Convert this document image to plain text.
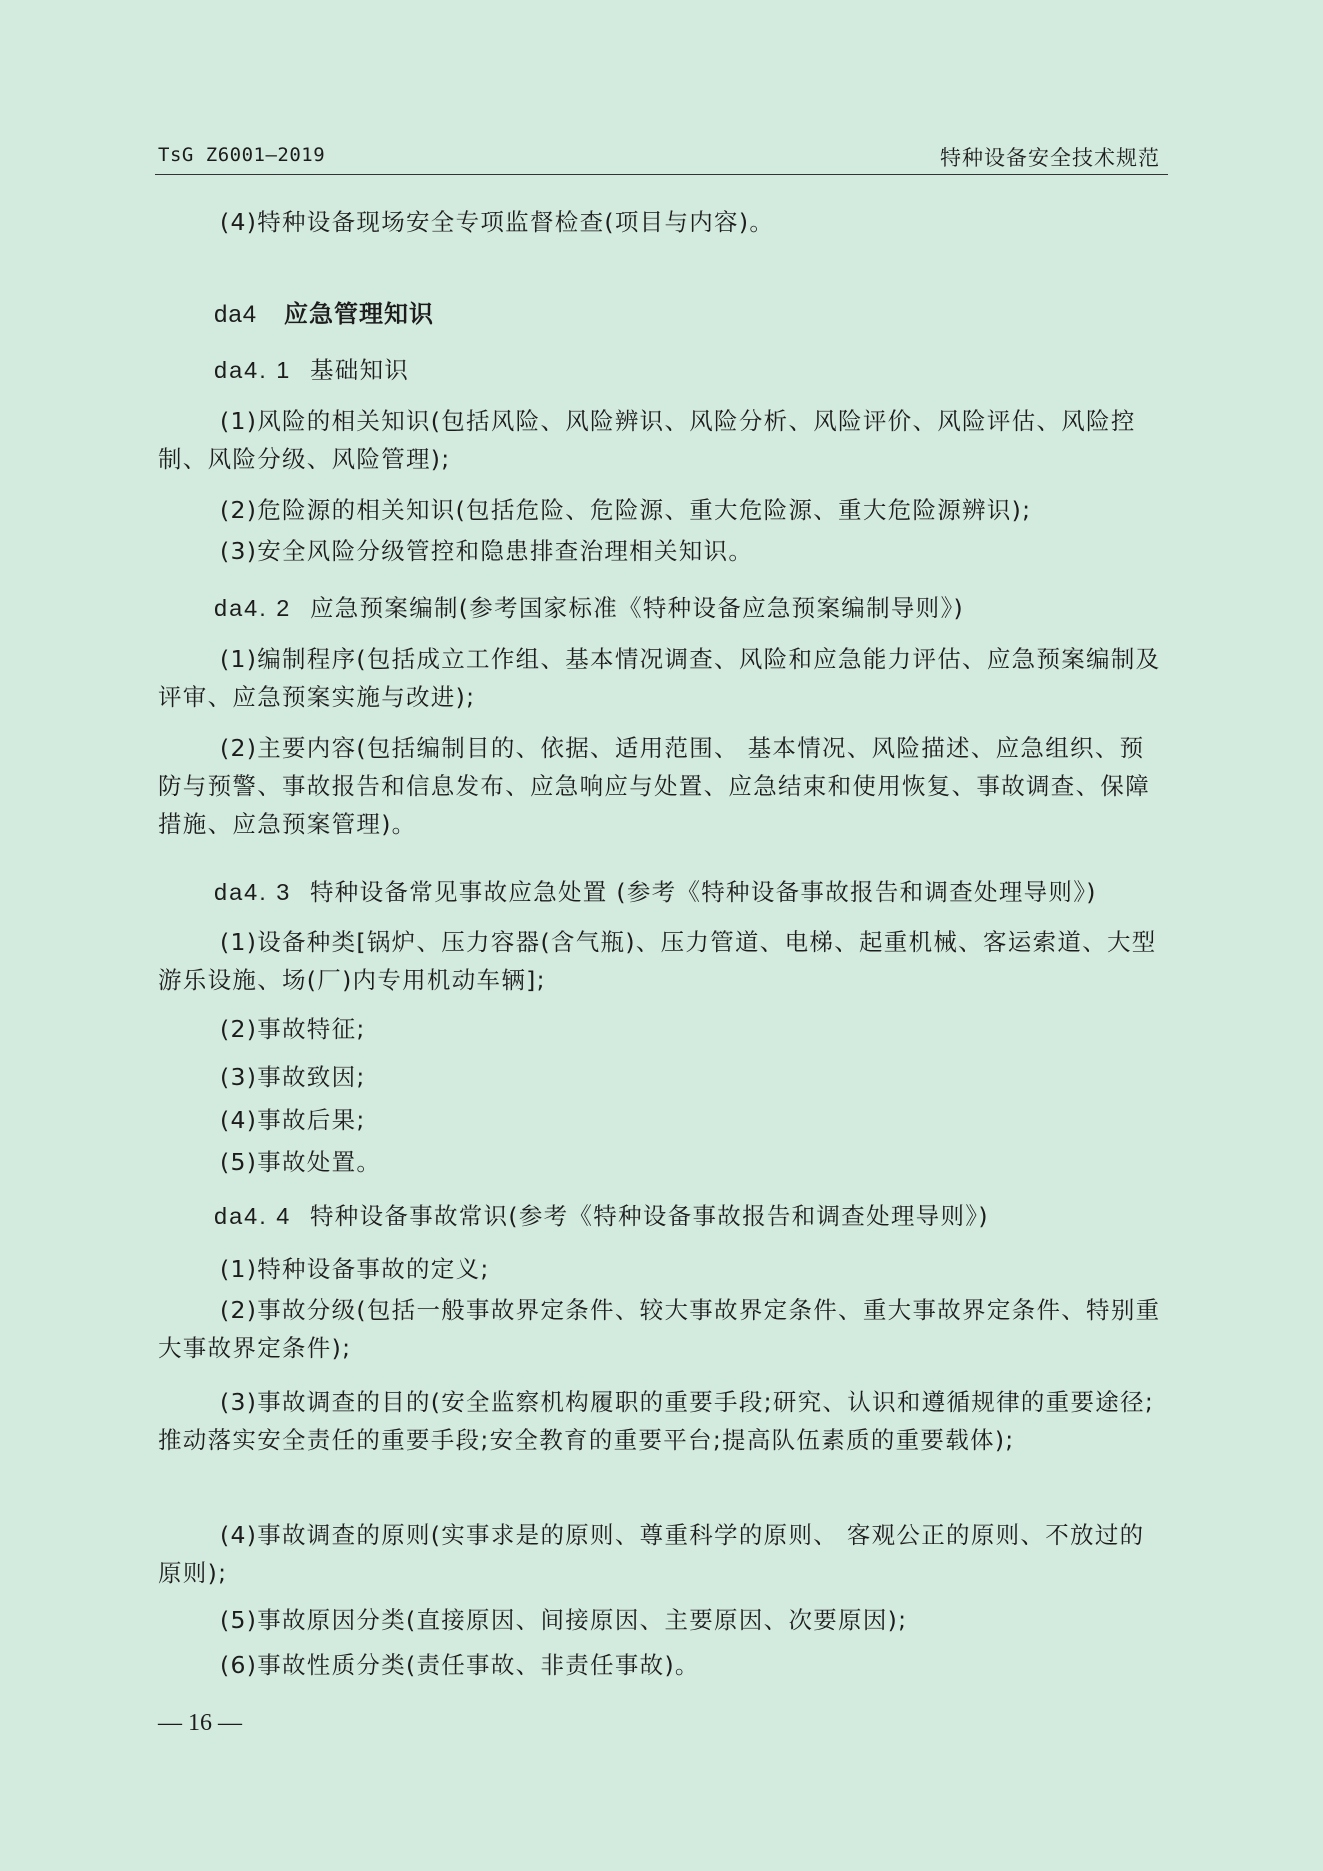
TsG Z6001—2019	特种设备安全技术规范
(4)特种设备现场安全专项监督检查(项目与内容)。
da4 应急管理知识
da4. 1 基础知识
(1)风险的相关知识(包括风险、风险辨识、风险分析、风险评价、风险评估、风险控制、风险分级、风险管理);
(2)危险源的相关知识(包括危险、危险源、重大危险源、重大危险源辨识);
(3)安全风险分级管控和隐患排查治理相关知识。
da4. 2 应急预案编制(参考国家标准《特种设备应急预案编制导则》)
(1)编制程序(包括成立工作组、基本情况调查、风险和应急能力评估、应急预案编制及评审、应急预案实施与改进);
(2)主要内容(包括编制目的、依据、适用范围、 基本情况、风险描述、应急组织、预防与预警、事故报告和信息发布、应急响应与处置、应急结束和使用恢复、事故调查、保障措施、应急预案管理)。
da4. 3 特种设备常见事故应急处置 (参考《特种设备事故报告和调查处理导则》)
(1)设备种类[锅炉、压力容器(含气瓶)、压力管道、电梯、起重机械、客运索道、大型游乐设施、场(厂)内专用机动车辆];
(2)事故特征;
(3)事故致因;
(4)事故后果;
(5)事故处置。
da4. 4 特种设备事故常识(参考《特种设备事故报告和调查处理导则》)
(1)特种设备事故的定义;
(2)事故分级(包括一般事故界定条件、较大事故界定条件、重大事故界定条件、特别重大事故界定条件);
(3)事故调查的目的(安全监察机构履职的重要手段;研究、认识和遵循规律的重要途径;推动落实安全责任的重要手段;安全教育的重要平台;提高队伍素质的重要载体);
(4)事故调查的原则(实事求是的原则、尊重科学的原则、 客观公正的原则、不放过的原则);
(5)事故原因分类(直接原因、间接原因、主要原因、次要原因);
(6)事故性质分类(责任事故、非责任事故)。
— 16 —
